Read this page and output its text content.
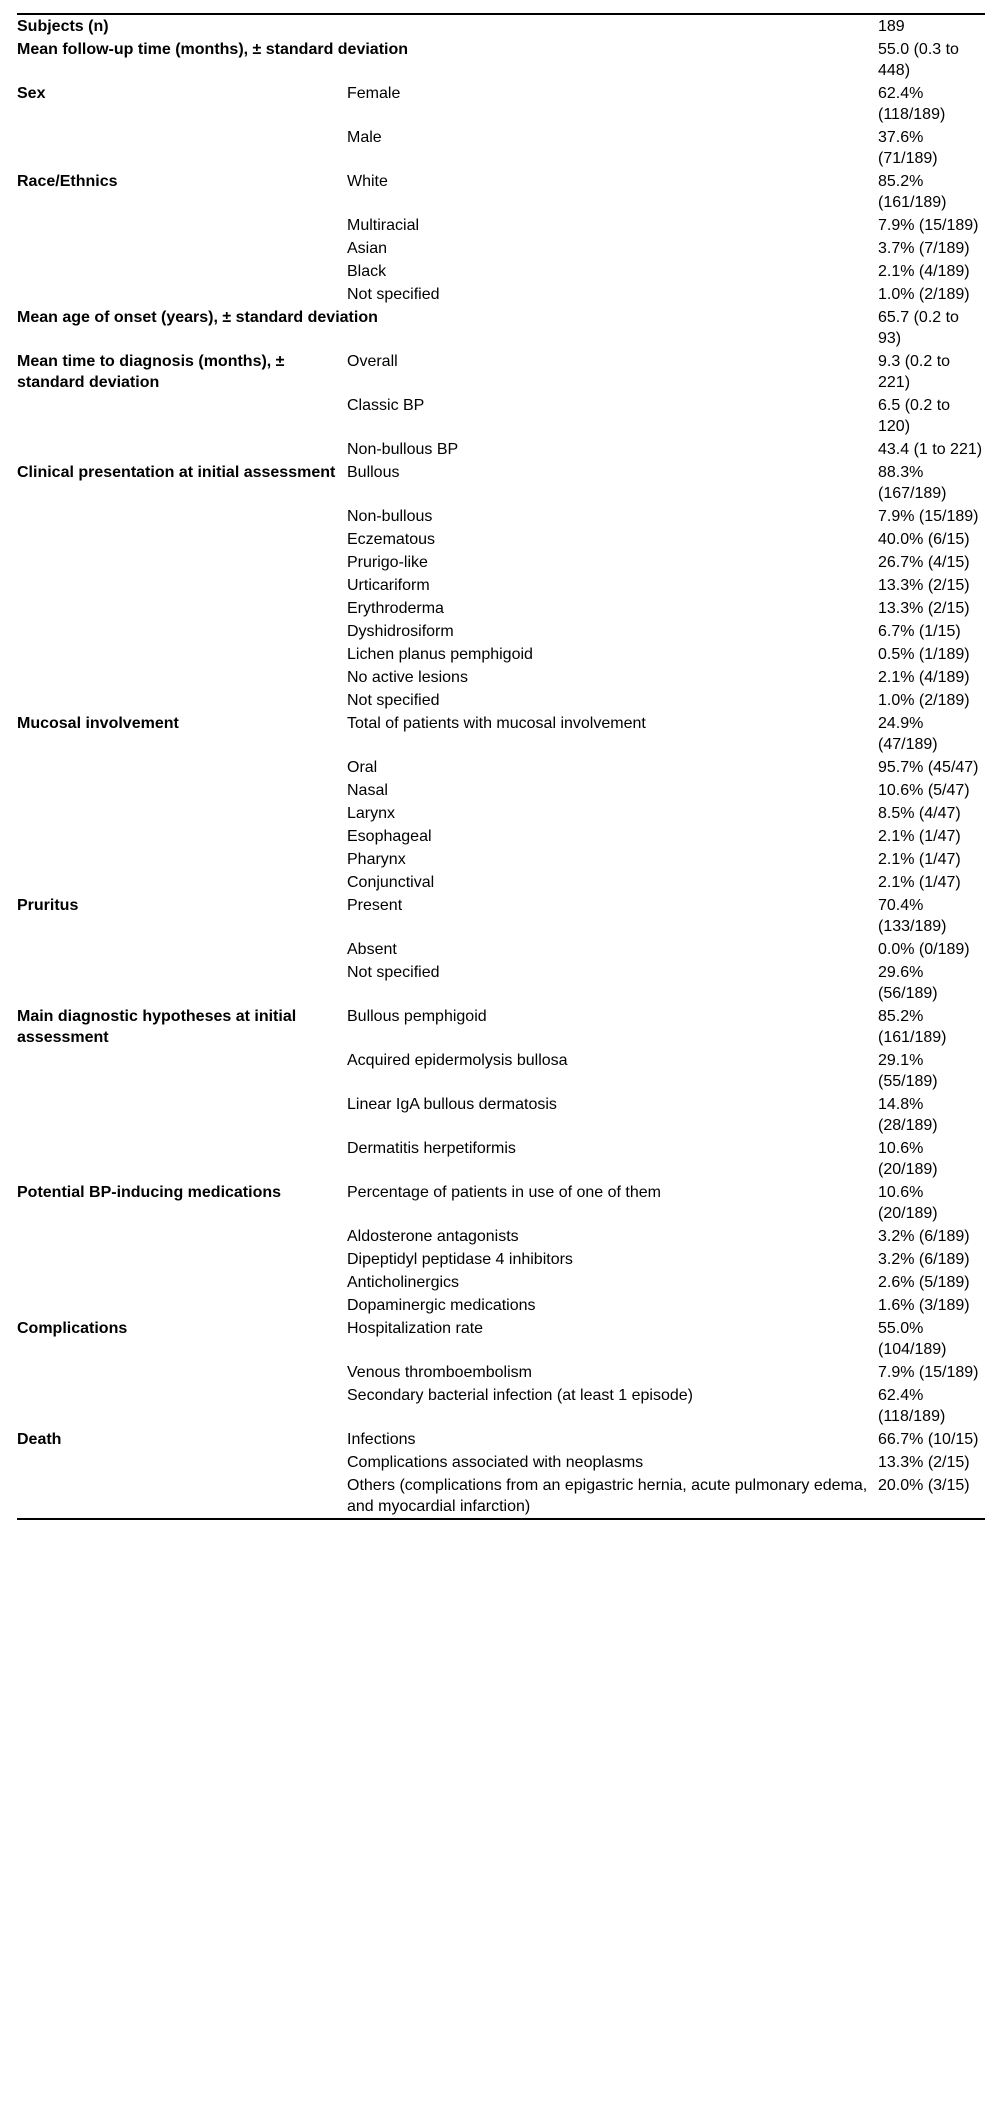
Subjects (n)		189
Mean follow-up time (months), ± standard deviation		55.0 (0.3 to 448)
Sex	Female	62.4% (118/189)
	Male	37.6% (71/189)
Race/Ethnics	White	85.2% (161/189)
	Multiracial	7.9% (15/189)
	Asian	3.7% (7/189)
	Black	2.1% (4/189)
	Not specified	1.0% (2/189)
Mean age of onset (years), ± standard deviation		65.7 (0.2 to 93)
Mean time to diagnosis (months), ± standard deviation	Overall	9.3 (0.2 to 221)
	Classic BP	6.5 (0.2 to 120)
	Non-bullous BP	43.4 (1 to 221)
Clinical presentation at initial assessment	Bullous	88.3% (167/189)
	Non-bullous	7.9% (15/189)
	Eczematous	40.0% (6/15)
	Prurigo-like	26.7% (4/15)
	Urticariform	13.3% (2/15)
	Erythroderma	13.3% (2/15)
	Dyshidrosiform	6.7% (1/15)
	Lichen planus pemphigoid	0.5% (1/189)
	No active lesions	2.1% (4/189)
	Not specified	1.0% (2/189)
Mucosal involvement	Total of patients with mucosal involvement	24.9% (47/189)
	Oral	95.7% (45/47)
	Nasal	10.6% (5/47)
	Larynx	8.5% (4/47)
	Esophageal	2.1% (1/47)
	Pharynx	2.1% (1/47)
	Conjunctival	2.1% (1/47)
Pruritus	Present	70.4% (133/189)
	Absent	0.0% (0/189)
	Not specified	29.6% (56/189)
Main diagnostic hypotheses at initial assessment	Bullous pemphigoid	85.2% (161/189)
	Acquired epidermolysis bullosa	29.1% (55/189)
	Linear IgA bullous dermatosis	14.8% (28/189)
	Dermatitis herpetiformis	10.6% (20/189)
Potential BP-inducing medications	Percentage of patients in use of one of them	10.6% (20/189)
	Aldosterone antagonists	3.2% (6/189)
	Dipeptidyl peptidase 4 inhibitors	3.2% (6/189)
	Anticholinergics	2.6% (5/189)
	Dopaminergic medications	1.6% (3/189)
Complications	Hospitalization rate	55.0% (104/189)
	Venous thromboembolism	7.9% (15/189)
	Secondary bacterial infection (at least 1 episode)	62.4% (118/189)
Death	Infections	66.7% (10/15)
	Complications associated with neoplasms	13.3% (2/15)
	Others (complications from an epigastric hernia, acute pulmonary edema, and myocardial infarction)	20.0% (3/15)
